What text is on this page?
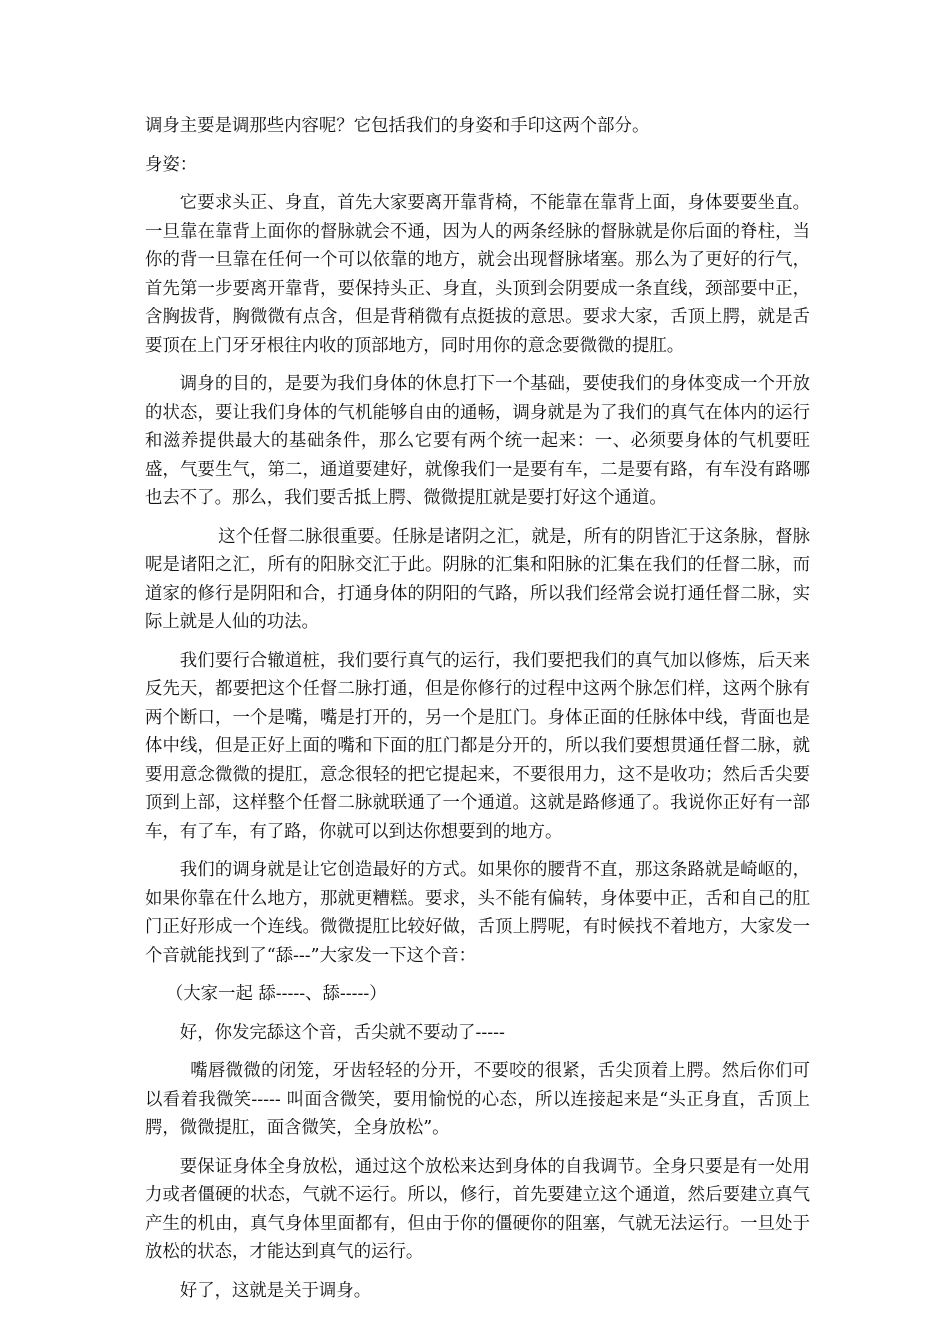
调身主要是调那些内容呢？它包括我们的身姿和手印这两个部分。

身姿：

它要求头正、身直，首先大家要离开靠背椅，不能靠在靠背上面，身体要要坐直。一旦靠在靠背上面你的督脉就会不通，因为人的两条经脉的督脉就是你后面的脊柱，当你的背一旦靠在任何一个可以依靠的地方，就会出现督脉堵塞。那么为了更好的行气，首先第一步要离开靠背，要保持头正、身直，头顶到会阴要成一条直线，颈部要中正，含胸拔背，胸微微有点含，但是背稍微有点挺拔的意思。要求大家，舌顶上腭，就是舌要顶在上门牙牙根往内收的顶部地方，同时用你的意念要微微的提肛。

调身的目的，是要为我们身体的休息打下一个基础，要使我们的身体变成一个开放的状态，要让我们身体的气机能够自由的通畅，调身就是为了我们的真气在体内的运行和滋养提供最大的基础条件，那么它要有两个统一起来：一、必须要身体的气机要旺盛，气要生气，第二，通道要建好，就像我们一是要有车，二是要有路，有车没有路哪也去不了。那么，我们要舌抵上腭、微微提肛就是要打好这个通道。

这个任督二脉很重要。任脉是诸阴之汇，就是，所有的阴皆汇于这条脉，督脉呢是诸阳之汇，所有的阳脉交汇于此。阴脉的汇集和阳脉的汇集在我们的任督二脉，而道家的修行是阴阳和合，打通身体的阴阳的气路，所以我们经常会说打通任督二脉，实际上就是人仙的功法。

我们要行合辙道桩，我们要行真气的运行，我们要把我们的真气加以修炼，后天来反先天，都要把这个任督二脉打通，但是你修行的过程中这两个脉怎们样，这两个脉有两个断口，一个是嘴，嘴是打开的，另一个是肛门。身体正面的任脉体中线，背面也是体中线，但是正好上面的嘴和下面的肛门都是分开的，所以我们要想贯通任督二脉，就要用意念微微的提肛，意念很轻的把它提起来，不要很用力，这不是收功；然后舌尖要顶到上部，这样整个任督二脉就联通了一个通道。这就是路修通了。我说你正好有一部车，有了车，有了路，你就可以到达你想要到的地方。

我们的调身就是让它创造最好的方式。如果你的腰背不直，那这条路就是崎岖的，如果你靠在什么地方，那就更糟糕。要求，头不能有偏转，身体要中正，舌和自己的肛门正好形成一个连线。微微提肛比较好做，舌顶上腭呢，有时候找不着地方，大家发一个音就能找到了“舔---”大家发一下这个音：

（大家一起 舔-----、舔-----）

好，你发完舔这个音，舌尖就不要动了-----

嘴唇微微的闭笼，牙齿轻轻的分开，不要咬的很紧，舌尖顶着上腭。然后你们可以看着我微笑----- 叫面含微笑，要用愉悦的心态，所以连接起来是“头正身直，舌顶上腭，微微提肛，面含微笑，全身放松”。

要保证身体全身放松，通过这个放松来达到身体的自我调节。全身只要是有一处用力或者僵硬的状态，气就不运行。所以，修行，首先要建立这个通道，然后要建立真气产生的机由，真气身体里面都有，但由于你的僵硬你的阻塞，气就无法运行。一旦处于放松的状态，才能达到真气的运行。

好了，这就是关于调身。
